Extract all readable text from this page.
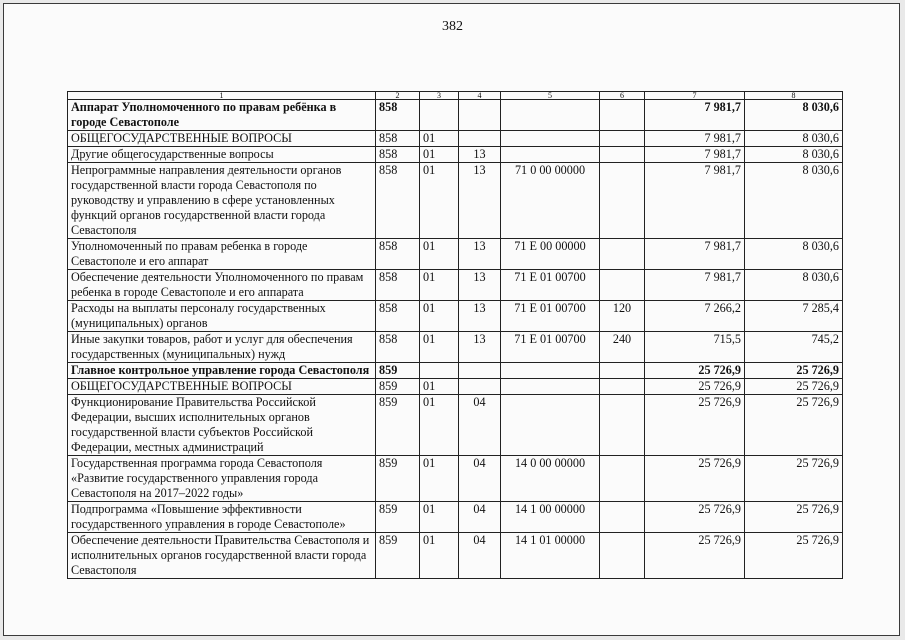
382
1	2	3	4	5	6	7	8
Аппарат Уполномоченного по правам ребёнка в городе Севастополе	858					7 981,7	8 030,6
ОБЩЕГОСУДАРСТВЕННЫЕ ВОПРОСЫ	858	01				7 981,7	8 030,6
Другие общегосударственные вопросы	858	01	13			7 981,7	8 030,6
Непрограммные направления деятельности органов государственной власти города Севастополя по руководству и управлению в сфере установленных функций органов государственной власти города Севастополя	858	01	13	71 0 00 00000		7 981,7	8 030,6
Уполномоченный по правам ребенка в городе Севастополе и его аппарат	858	01	13	71 Е 00 00000		7 981,7	8 030,6
Обеспечение деятельности Уполномоченного по правам ребенка в городе Севастополе и его аппарата	858	01	13	71 Е 01 00700		7 981,7	8 030,6
Расходы на выплаты персоналу государственных (муниципальных) органов	858	01	13	71 Е 01 00700	120	7 266,2	7 285,4
Иные закупки товаров, работ и услуг для обеспечения государственных (муниципальных) нужд	858	01	13	71 Е 01 00700	240	715,5	745,2
Главное контрольное управление города Севастополя	859					25 726,9	25 726,9
ОБЩЕГОСУДАРСТВЕННЫЕ ВОПРОСЫ	859	01				25 726,9	25 726,9
Функционирование Правительства Российской Федерации, высших исполнительных органов государственной власти субъектов Российской Федерации, местных администраций	859	01	04			25 726,9	25 726,9
Государственная программа города Севастополя «Развитие государственного управления города Севастополя на 2017–2022 годы»	859	01	04	14 0 00 00000		25 726,9	25 726,9
Подпрограмма «Повышение эффективности государственного управления в городе Севастополе»	859	01	04	14 1 00 00000		25 726,9	25 726,9
Обеспечение деятельности Правительства Севастополя и исполнительных органов государственной власти города Севастополя	859	01	04	14 1 01 00000		25 726,9	25 726,9
